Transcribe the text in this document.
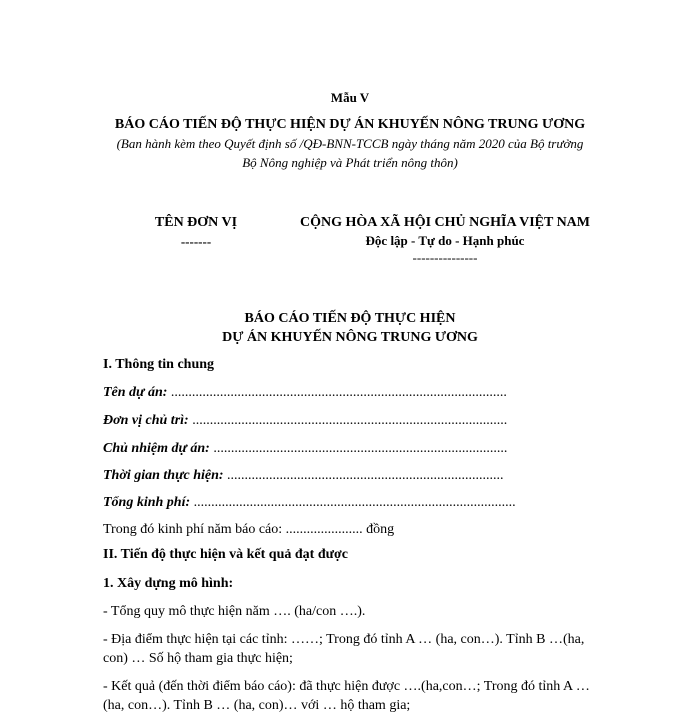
Mẫu V
BÁO CÁO TIẾN ĐỘ THỰC HIỆN DỰ ÁN KHUYẾN NÔNG TRUNG ƯƠNG
(Ban hành kèm theo Quyết định số /QĐ-BNN-TCCB ngày tháng năm 2020 của Bộ trưởng
Bộ Nông nghiệp và Phát triển nông thôn)
TÊN ĐƠN VỊ
-------
CỘNG HÒA XÃ HỘI CHỦ NGHĨA VIỆT NAM
Độc lập - Tự do - Hạnh phúc
---------------
BÁO CÁO TIẾN ĐỘ THỰC HIỆN
DỰ ÁN KHUYẾN NÔNG TRUNG ƯƠNG
I. Thông tin chung
Tên dự án: ................................................................................................
Đơn vị chủ trì: ..........................................................................................
Chủ nhiệm dự án: ....................................................................................
Thời gian thực hiện: ...............................................................................
Tổng kinh phí: ............................................................................................
Trong đó kinh phí năm báo cáo: ...................... đồng
II. Tiến độ thực hiện và kết quả đạt được
1. Xây dựng mô hình:
- Tổng quy mô thực hiện năm …. (ha/con ….).
- Địa điểm thực hiện tại các tỉnh: ……; Trong đó tỉnh A … (ha, con…). Tỉnh B …(ha,
con) … Số hộ tham gia thực hiện;
- Kết quả (đến thời điểm báo cáo): đã thực hiện được ….(ha,con…; Trong đó tỉnh A …
(ha, con…). Tỉnh B … (ha, con)… với … hộ tham gia;
